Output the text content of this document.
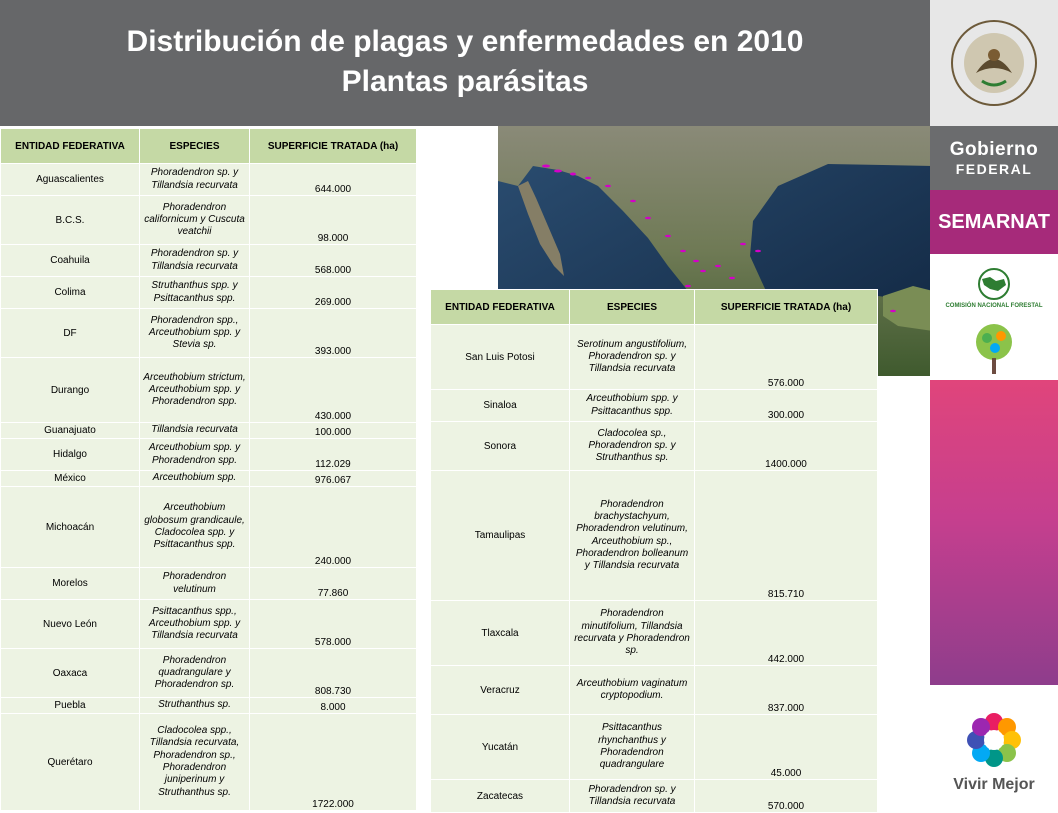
Distribución de plagas y enfermedades en 2010
Plantas parásitas
ENTIDAD FEDERATIVA	ESPECIES	SUPERFICIE TRATADA (ha)
Aguascalientes	Phoradendron sp. y Tillandsia recurvata	644.000
B.C.S.	Phoradendron californicum y Cuscuta veatchii	98.000
Coahuila	Phoradendron sp. y Tillandsia recurvata	568.000
Colima	Struthanthus spp. y Psittacanthus spp.	269.000
DF	Phoradendron spp., Arceuthobium spp. y Stevia sp.	393.000
Durango	Arceuthobium strictum, Arceuthobium spp. y Phoradendron spp.	430.000
Guanajuato	Tillandsia recurvata	100.000
Hidalgo	Arceuthobium spp. y Phoradendron spp.	112.029
México	Arceuthobium spp.	976.067
Michoacán	Arceuthobium globosum grandicaule, Cladocolea spp. y Psittacanthus spp.	240.000
Morelos	Phoradendron velutinum	77.860
Nuevo León	Psittacanthus spp., Arceuthobium spp. y Tillandsia recurvata	578.000
Oaxaca	Phoradendron quadrangulare y Phoradendron sp.	808.730
Puebla	Struthanthus sp.	8.000
Querétaro	Cladocolea spp., Tillandsia recurvata, Phoradendron sp., Phoradendron juniperinum y Struthanthus sp.	1722.000
ENTIDAD FEDERATIVA	ESPECIES	SUPERFICIE TRATADA (ha)
San Luis Potosi	Serotinum angustifolium, Phoradendron sp. y Tillandsia recurvata	576.000
Sinaloa	Arceuthobium spp. y Psittacanthus spp.	300.000
Sonora	Cladocolea sp., Phoradendron sp. y Struthanthus sp.	1400.000
Tamaulipas	Phoradendron brachystachyum, Phoradendron velutinum, Arceuthobium sp., Phoradendron bolleanum y Tillandsia recurvata	815.710
Tlaxcala	Phoradendron minutifolium, Tillandsia recurvata y Phoradendron sp.	442.000
Veracruz	Arceuthobium vaginatum cryptopodium.	837.000
Yucatán	Psittacanthus rhynchanthus y Phoradendron quadrangulare	45.000
Zacatecas	Phoradendron sp. y Tillandsia recurvata	570.000
Gobierno
FEDERAL
SEMARNAT
COMISIÓN NACIONAL FORESTAL
Vivir Mejor
